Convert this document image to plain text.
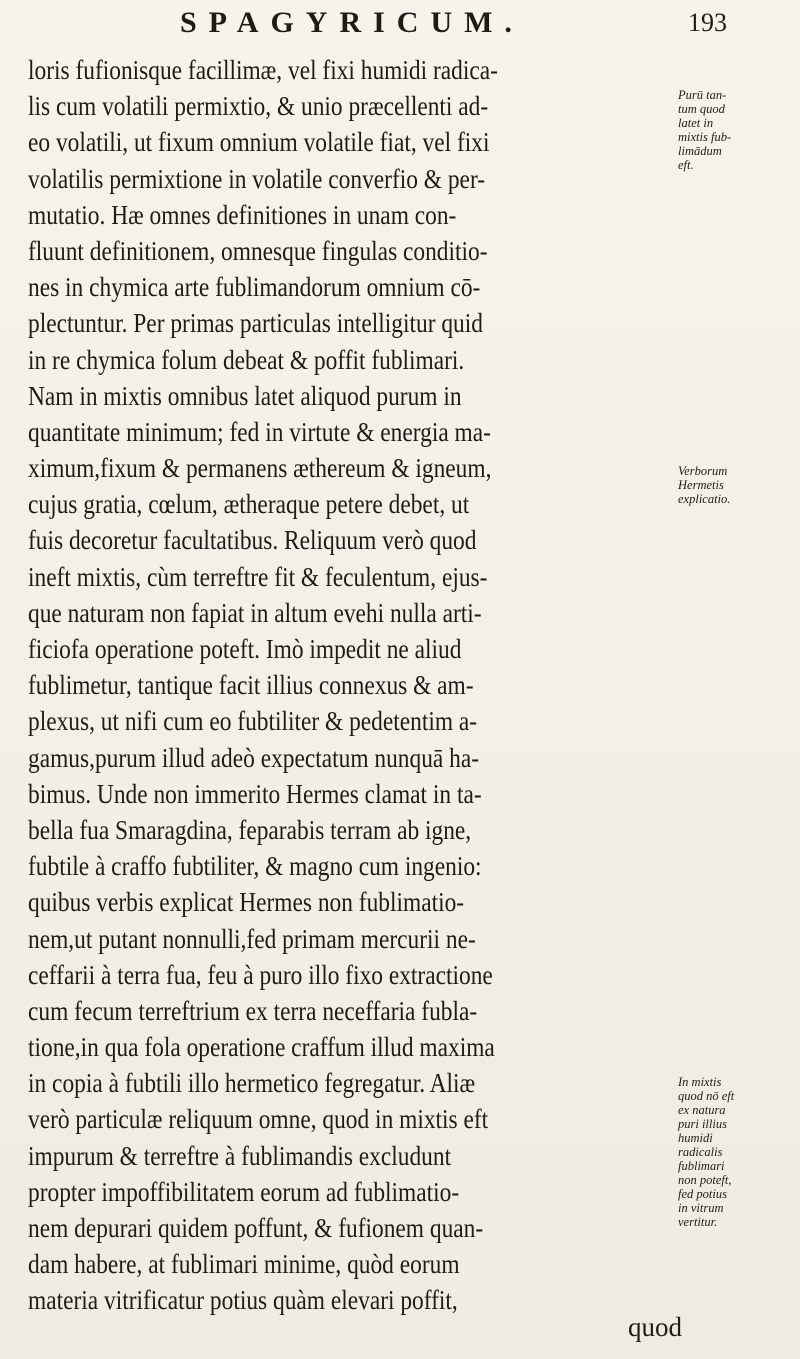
SPAGYRICUM.	193
loris fufionisque facillimæ, vel fixi humidi radica-
lis cum volatili permixtio, & unio præcellenti ad-
eo volatili, ut fixum omnium volatile fiat, vel fixi
volatilis permixtione in volatile converfio & per-
mutatio. Hæ omnes definitiones in unam con-
fluunt definitionem, omnesque fingulas conditio-
nes in chymica arte fublimandorum omnium cō-
plectuntur. Per primas particulas intelligitur quid
in re chymica folum debeat & poffit fublimari.
Nam in mixtis omnibus latet aliquod purum in
quantitate minimum; fed in virtute & energia ma-
ximum,fixum & permanens æthereum & igneum,
cujus gratia, cœlum, ætheraque petere debet, ut
fuis decoretur facultatibus. Reliquum verò quod
ineft mixtis, cùm terreftre fit & feculentum, ejus-
que naturam non fapiat in altum evehi nulla arti-
ficiofa operatione poteft. Imò impedit ne aliud
fublimetur, tantique facit illius connexus & am-
plexus, ut nifi cum eo fubtiliter & pedetentim a-
gamus,purum illud adeò expectatum nunquā ha-
bimus. Unde non immerito Hermes clamat in ta-
bella fua Smaragdina, feparabis terram ab igne,
fubtile à craffo fubtiliter, & magno cum ingenio:
quibus verbis explicat Hermes non fublimatio-
nem,ut putant nonnulli,fed primam mercurii ne-
ceffarii à terra fua, feu à puro illo fixo extractione
cum fecum terreftrium ex terra neceffaria fubla-
tione,in qua fola operatione craffum illud maxima
in copia à fubtili illo hermetico fegregatur. Aliæ
verò particulæ reliquum omne, quod in mixtis eft
impurum & terreftre à fublimandis excludunt
propter impoffibilitatem eorum ad fublimatio-
nem depurari quidem poffunt, & fufionem quan-
dam habere, at fublimari minime, quòd eorum
materia vitrificatur potius quàm elevari poffit,
quod
Purū tan-
tum quod
latet in
mixtis fub-
limādum
eft.
Verborum
Hermetis
explicatio.
In mixtis
quod nō eft
ex natura
puri illius
humidi
radicalis
fublimari
non poteft,
fed potius
in vitrum
vertitur.
